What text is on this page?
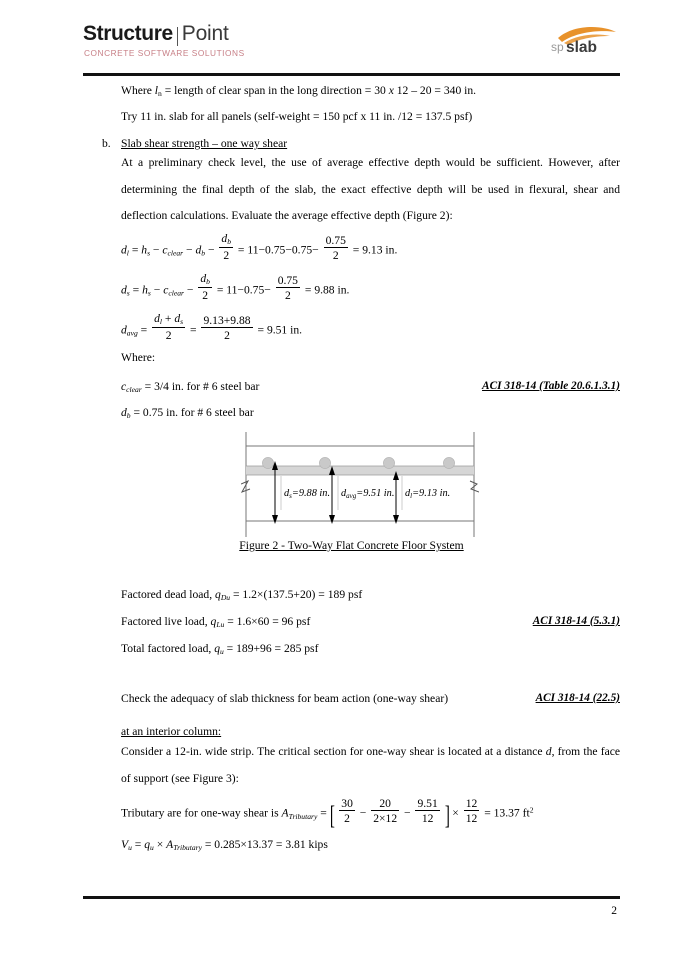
Structure Point
CONCRETE SOFTWARE SOLUTIONS	sp slab
Where ln = length of clear span in the long direction = 30 x 12 – 20 = 340 in.
Try 11 in. slab for all panels (self-weight = 150 pcf x 11 in. /12 = 137.5 psf)
b. Slab shear strength – one way shear
At a preliminary check level, the use of average effective depth would be sufficient. However, after determining the final depth of the slab, the exact effective depth will be used in flexural, shear and deflection calculations. Evaluate the average effective depth (Figure 2):
$d_l = h_s - c_{clear} - d_b - \frac{d_b}{2} = 11-0.75-0.75- \frac{0.75}{2} = 9.13$ in.
$d_s = h_s - c_{clear} - \frac{d_b}{2} = 11-0.75- \frac{0.75}{2} = 9.88$ in.
$d_{avg} = \frac{d_l + d_s}{2} = \frac{9.13+9.88}{2} = 9.51$ in.
Where:
$c_{clear} = 3/4$ in. for # 6 steel bar	ACI 318-14 (Table 20.6.1.3.1)
$d_b = 0.75$ in. for # 6 steel bar
ds=9.88 in. davg=9.51 in. dl=9.13 in.
Figure 2 - Two-Way Flat Concrete Floor System
Factored dead load, $q_{Du} = 1.2\times(137.5+20) = 189$ psf
Factored live load, $q_{Lu} = 1.6\times 60 = 96$ psf	ACI 318-14 (5.3.1)
Total factored load, $q_u = 189+96 = 285$ psf
Check the adequacy of slab thickness for beam action (one-way shear)	ACI 318-14 (22.5)
at an interior column:
Consider a 12-in. wide strip. The critical section for one-way shear is located at a distance d, from the face of support (see Figure 3):
Tributary are for one-way shear is $A_{Tributary}$ = [ $\frac{30}{2} - \frac{20}{2\times 12} - \frac{9.51}{12}$ ] × $\frac{12}{12} = 13.37$ $ft^2$
$V_u = q_u \times A_{Tributary} = 0.285\times 13.37 = 3.81$ kips
2
